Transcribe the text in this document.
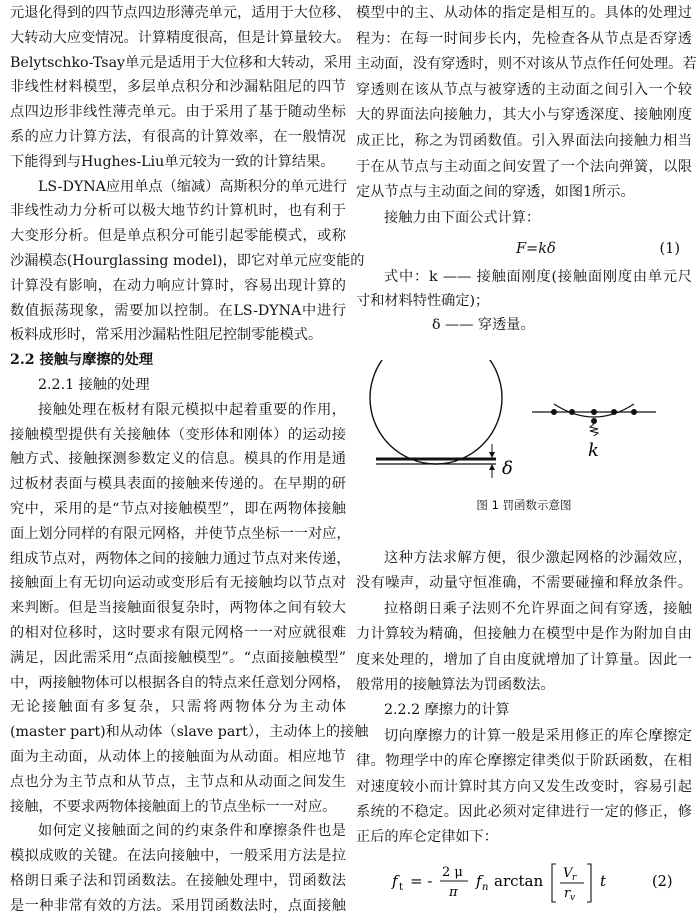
元退化得到的四节点四边形薄壳单元，适用于大位移、
大转动大应变情况。计算精度很高，但是计算量较大。
Belytschko-Tsay单元是适用于大位移和大转动，采用
非线性材料模型，多层单点积分和沙漏粘阻尼的四节
点四边形非线性薄壳单元。由于采用了基于随动坐标
系的应力计算方法，有很高的计算效率，在一般情况
下能得到与Hughes-Liu单元较为一致的计算结果。
LS-DYNA应用单点（缩减）高斯积分的单元进行
非线性动力分析可以极大地节约计算机时，也有利于
大变形分析。但是单点积分可能引起零能模式，或称
沙漏模态(Hourglassing model)，即它对单元应变能的
计算没有影响，在动力响应计算时，容易出现计算的
数值振荡现象，需要加以控制。在LS-DYNA中进行
板料成形时，常采用沙漏粘性阻尼控制零能模式。
2.2 接触与摩擦的处理
2.2.1 接触的处理
接触处理在板材有限元模拟中起着重要的作用，
接触模型提供有关接触体（变形体和刚体）的运动接
触方式、接触探测参数定义的信息。模具的作用是通
过板材表面与模具表面的接触来传递的。在早期的研
究中，采用的是“节点对接触模型”，即在两物体接触
面上划分同样的有限元网格，并使节点坐标一一对应，
组成节点对，两物体之间的接触力通过节点对来传递，
接触面上有无切向运动或变形后有无接触均以节点对
来判断。但是当接触面很复杂时，两物体之间有较大
的相对位移时，这时要求有限元网格一一对应就很难
满足，因此需采用“点面接触模型”。“点面接触模型”
中，两接触物体可以根据各自的特点来任意划分网格，
无论接触面有多复杂，只需将两物体分为主动体
(master part)和从动体（slave part），主动体上的接触
面为主动面，从动体上的接触面为从动面。相应地节
点也分为主节点和从节点，主节点和从动面之间发生
接触，不要求两物体接触面上的节点坐标一一对应。
如何定义接触面之间的约束条件和摩擦条件也是
模拟成败的关键。在法向接触中，一般采用方法是拉
格朗日乘子法和罚函数法。在接触处理中，罚函数法
是一种非常有效的方法。采用罚函数法时，点面接触
模型中的主、从动体的指定是相互的。具体的处理过
程为：在每一时间步长内，先检查各从节点是否穿透
主动面，没有穿透时，则不对该从节点作任何处理。若
穿透则在该从节点与被穿透的主动面之间引入一个较
大的界面法向接触力，其大小与穿透深度、接触刚度
成正比，称之为罚函数值。引入界面法向接触力相当
于在从节点与主动面之间安置了一个法向弹簧，以限
定从节点与主动面之间的穿透，如图1所示。
接触力由下面公式计算：
F=kδ	(1)
式中：k —— 接触面刚度(接触面刚度由单元尺
寸和材料特性确定)；
δ —— 穿透量。
δ
k
图 1 罚函数示意图
这种方法求解方便，很少激起网格的沙漏效应，
没有噪声，动量守恒准确，不需要碰撞和释放条件。
拉格朗日乘子法则不允许界面之间有穿透，接触
力计算较为精确，但接触力在模型中是作为附加自由
度来处理的，增加了自由度就增加了计算量。因此一
般常用的接触算法为罚函数法。
2.2.2 摩擦力的计算
切向摩擦力的计算一般是采用修正的库仑摩擦定
律。物理学中的库仑摩擦定律类似于阶跃函数，在相
对速度较小而计算时其方向又发生改变时，容易引起
系统的不稳定。因此必须对定律进行一定的修正，修
正后的库仑定律如下：
f t = - 2 μ
π
f n arctan V r
r v
t	(2)
